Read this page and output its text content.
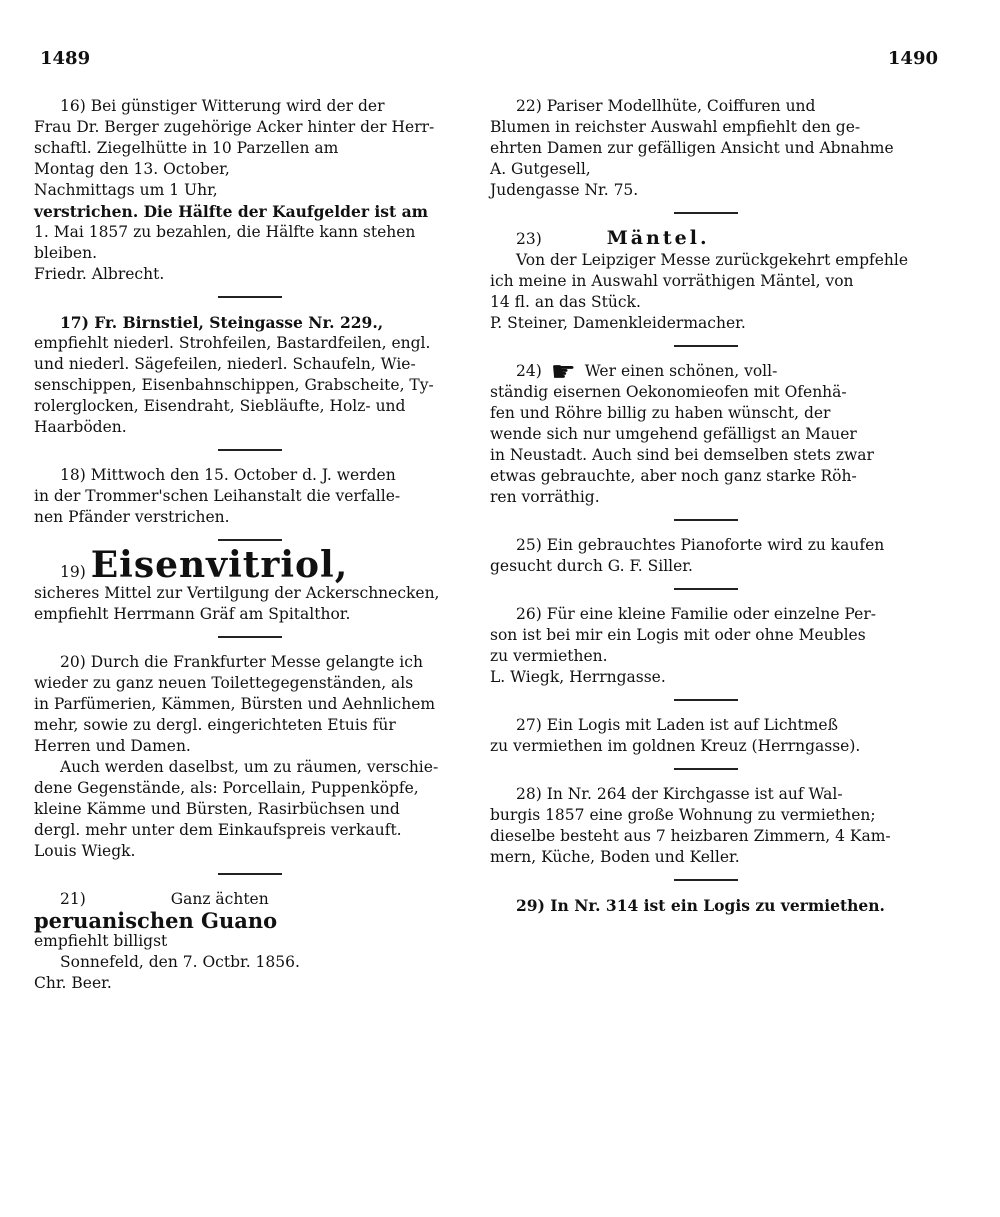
1489	1490

16) Bei günstiger Witterung wird der der

Frau Dr. Berger zugehörige Acker hinter der Herr-

schaftl. Ziegelhütte in 10 Parzellen am

Montag den 13. October,

Nachmittags um 1 Uhr,

verstrichen. Die Hälfte der Kaufgelder ist am

1. Mai 1857 zu bezahlen, die Hälfte kann stehen

bleiben.

Friedr. Albrecht.

17) Fr. Birnstiel, Steingasse Nr. 229.,

empfiehlt niederl. Strohfeilen, Bastardfeilen, engl.

und niederl. Sägefeilen, niederl. Schaufeln, Wie-

senschippen, Eisenbahnschippen, Grabscheite, Ty-

rolerglocken, Eisendraht, Siebläufte, Holz- und

Haarböden.

18) Mittwoch den 15. October d. J. werden

in der Trommer'schen Leihanstalt die verfalle-

nen Pfänder verstrichen.

19) Eisenvitriol,

sicheres Mittel zur Vertilgung der Ackerschnecken,

empfiehlt Herrmann Gräf am Spitalthor.

20) Durch die Frankfurter Messe gelangte ich

wieder zu ganz neuen Toilettegegenständen, als

in Parfümerien, Kämmen, Bürsten und Aehnlichem

mehr, sowie zu dergl. eingerichteten Etuis für

Herren und Damen.

Auch werden daselbst, um zu räumen, verschie-

dene Gegenstände, als: Porcellain, Puppenköpfe,

kleine Kämme und Bürsten, Rasirbüchsen und

dergl. mehr unter dem Einkaufspreis verkauft.

Louis Wiegk.

21)	Ganz ächten

peruanischen Guano

empfiehlt billigst

Sonnefeld, den 7. Octbr. 1856.

Chr. Beer.

22) Pariser Modellhüte, Coiffuren und

Blumen in reichster Auswahl empfiehlt den ge-

ehrten Damen zur gefälligen Ansicht und Abnahme

A. Gutgesell,

Judengasse Nr. 75.

23)	Mäntel.

Von der Leipziger Messe zurückgekehrt empfehle

ich meine in Auswahl vorräthigen Mäntel, von

14 fl. an das Stück.

P. Steiner, Damenkleidermacher.

24) ☛ Wer einen schönen, voll-

ständig eisernen Oekonomieofen mit Ofenhä-

fen und Röhre billig zu haben wünscht, der

wende sich nur umgehend gefälligst an Mauer

in Neustadt. Auch sind bei demselben stets zwar

etwas gebrauchte, aber noch ganz starke Röh-

ren vorräthig.

25) Ein gebrauchtes Pianoforte wird zu kaufen

gesucht durch G. F. Siller.

26) Für eine kleine Familie oder einzelne Per-

son ist bei mir ein Logis mit oder ohne Meubles

zu vermiethen.

L. Wiegk, Herrngasse.

27) Ein Logis mit Laden ist auf Lichtmeß

zu vermiethen im goldnen Kreuz (Herrngasse).

28) In Nr. 264 der Kirchgasse ist auf Wal-

burgis 1857 eine große Wohnung zu vermiethen;

dieselbe besteht aus 7 heizbaren Zimmern, 4 Kam-

mern, Küche, Boden und Keller.

29) In Nr. 314 ist ein Logis zu vermiethen.
